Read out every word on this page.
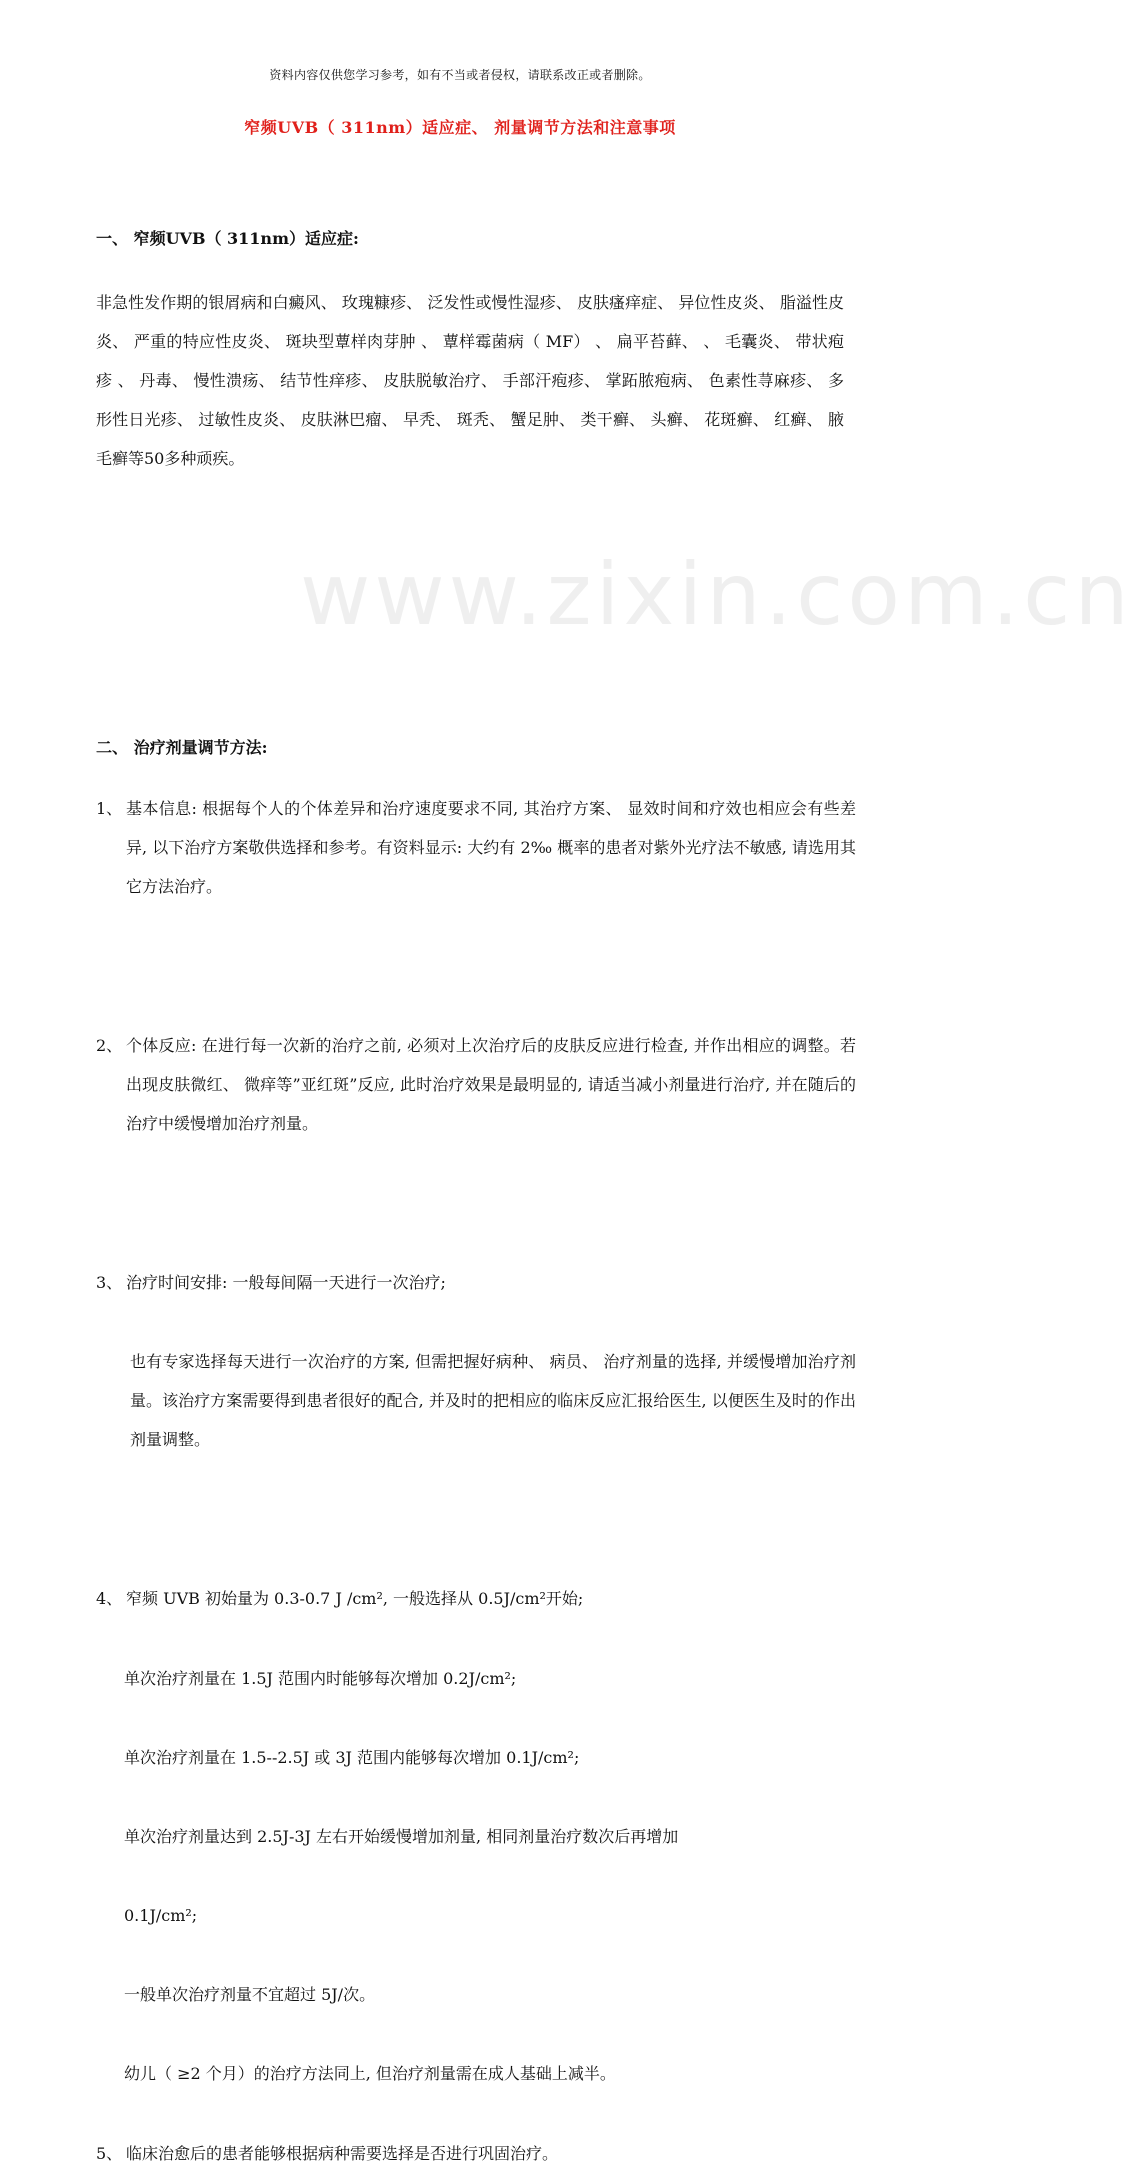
www.zixin.com.cn
资料内容仅供您学习参考，如有不当或者侵权，请联系改正或者删除。
窄频UVB（ 311nm）适应症、 剂量调节方法和注意事项
一、 窄频UVB（ 311nm）适应症:

非急性发作期的银屑病和白癜风、 玫瑰糠疹、 泛发性或慢性湿疹、 皮肤瘙痒症、 异位性皮炎、 脂溢性皮炎、 严重的特应性皮炎、 斑块型蕈样肉芽肿 、 蕈样霉菌病（ MF） 、 扁平苔藓、 、 毛囊炎、 带状疱疹 、 丹毒、 慢性溃疡、 结节性痒疹、 皮肤脱敏治疗、 手部汗疱疹、 掌跖脓疱病、 色素性荨麻疹、 多形性日光疹、 过敏性皮炎、 皮肤淋巴瘤、 早秃、 斑秃、 蟹足肿、 类干癣、 头癣、 花斑癣、 红癣、 腋毛癣等50多种顽疾。

二、 治疗剂量调节方法:
1、 基本信息: 根据每个人的个体差异和治疗速度要求不同, 其治疗方案、 显效时间和疗效也相应会有些差异, 以下治疗方案敬供选择和参考。有资料显示: 大约有 2‰ 概率的患者对紫外光疗法不敏感, 请选用其它方法治疗。
2、 个体反应: 在进行每一次新的治疗之前, 必须对上次治疗后的皮肤反应进行检查, 并作出相应的调整。若出现皮肤微红、 微痒等”亚红斑”反应, 此时治疗效果是最明显的, 请适当减小剂量进行治疗, 并在随后的治疗中缓慢增加治疗剂量。
3、 治疗时间安排: 一般每间隔一天进行一次治疗;
也有专家选择每天进行一次治疗的方案, 但需把握好病种、 病员、 治疗剂量的选择, 并缓慢增加治疗剂量。该治疗方案需要得到患者很好的配合, 并及时的把相应的临床反应汇报给医生, 以便医生及时的作出剂量调整。
4、 窄频 UVB 初始量为 0.3-0.7 J /cm², 一般选择从 0.5J/cm²开始;
单次治疗剂量在 1.5J 范围内时能够每次增加 0.2J/cm²;
单次治疗剂量在 1.5--2.5J 或 3J 范围内能够每次增加 0.1J/cm²;
单次治疗剂量达到 2.5J-3J 左右开始缓慢增加剂量, 相同剂量治疗数次后再增加
0.1J/cm²;
一般单次治疗剂量不宜超过 5J/次。
幼儿（ ≥2 个月）的治疗方法同上, 但治疗剂量需在成人基础上减半。
5、 临床治愈后的患者能够根据病种需要选择是否进行巩固治疗。
